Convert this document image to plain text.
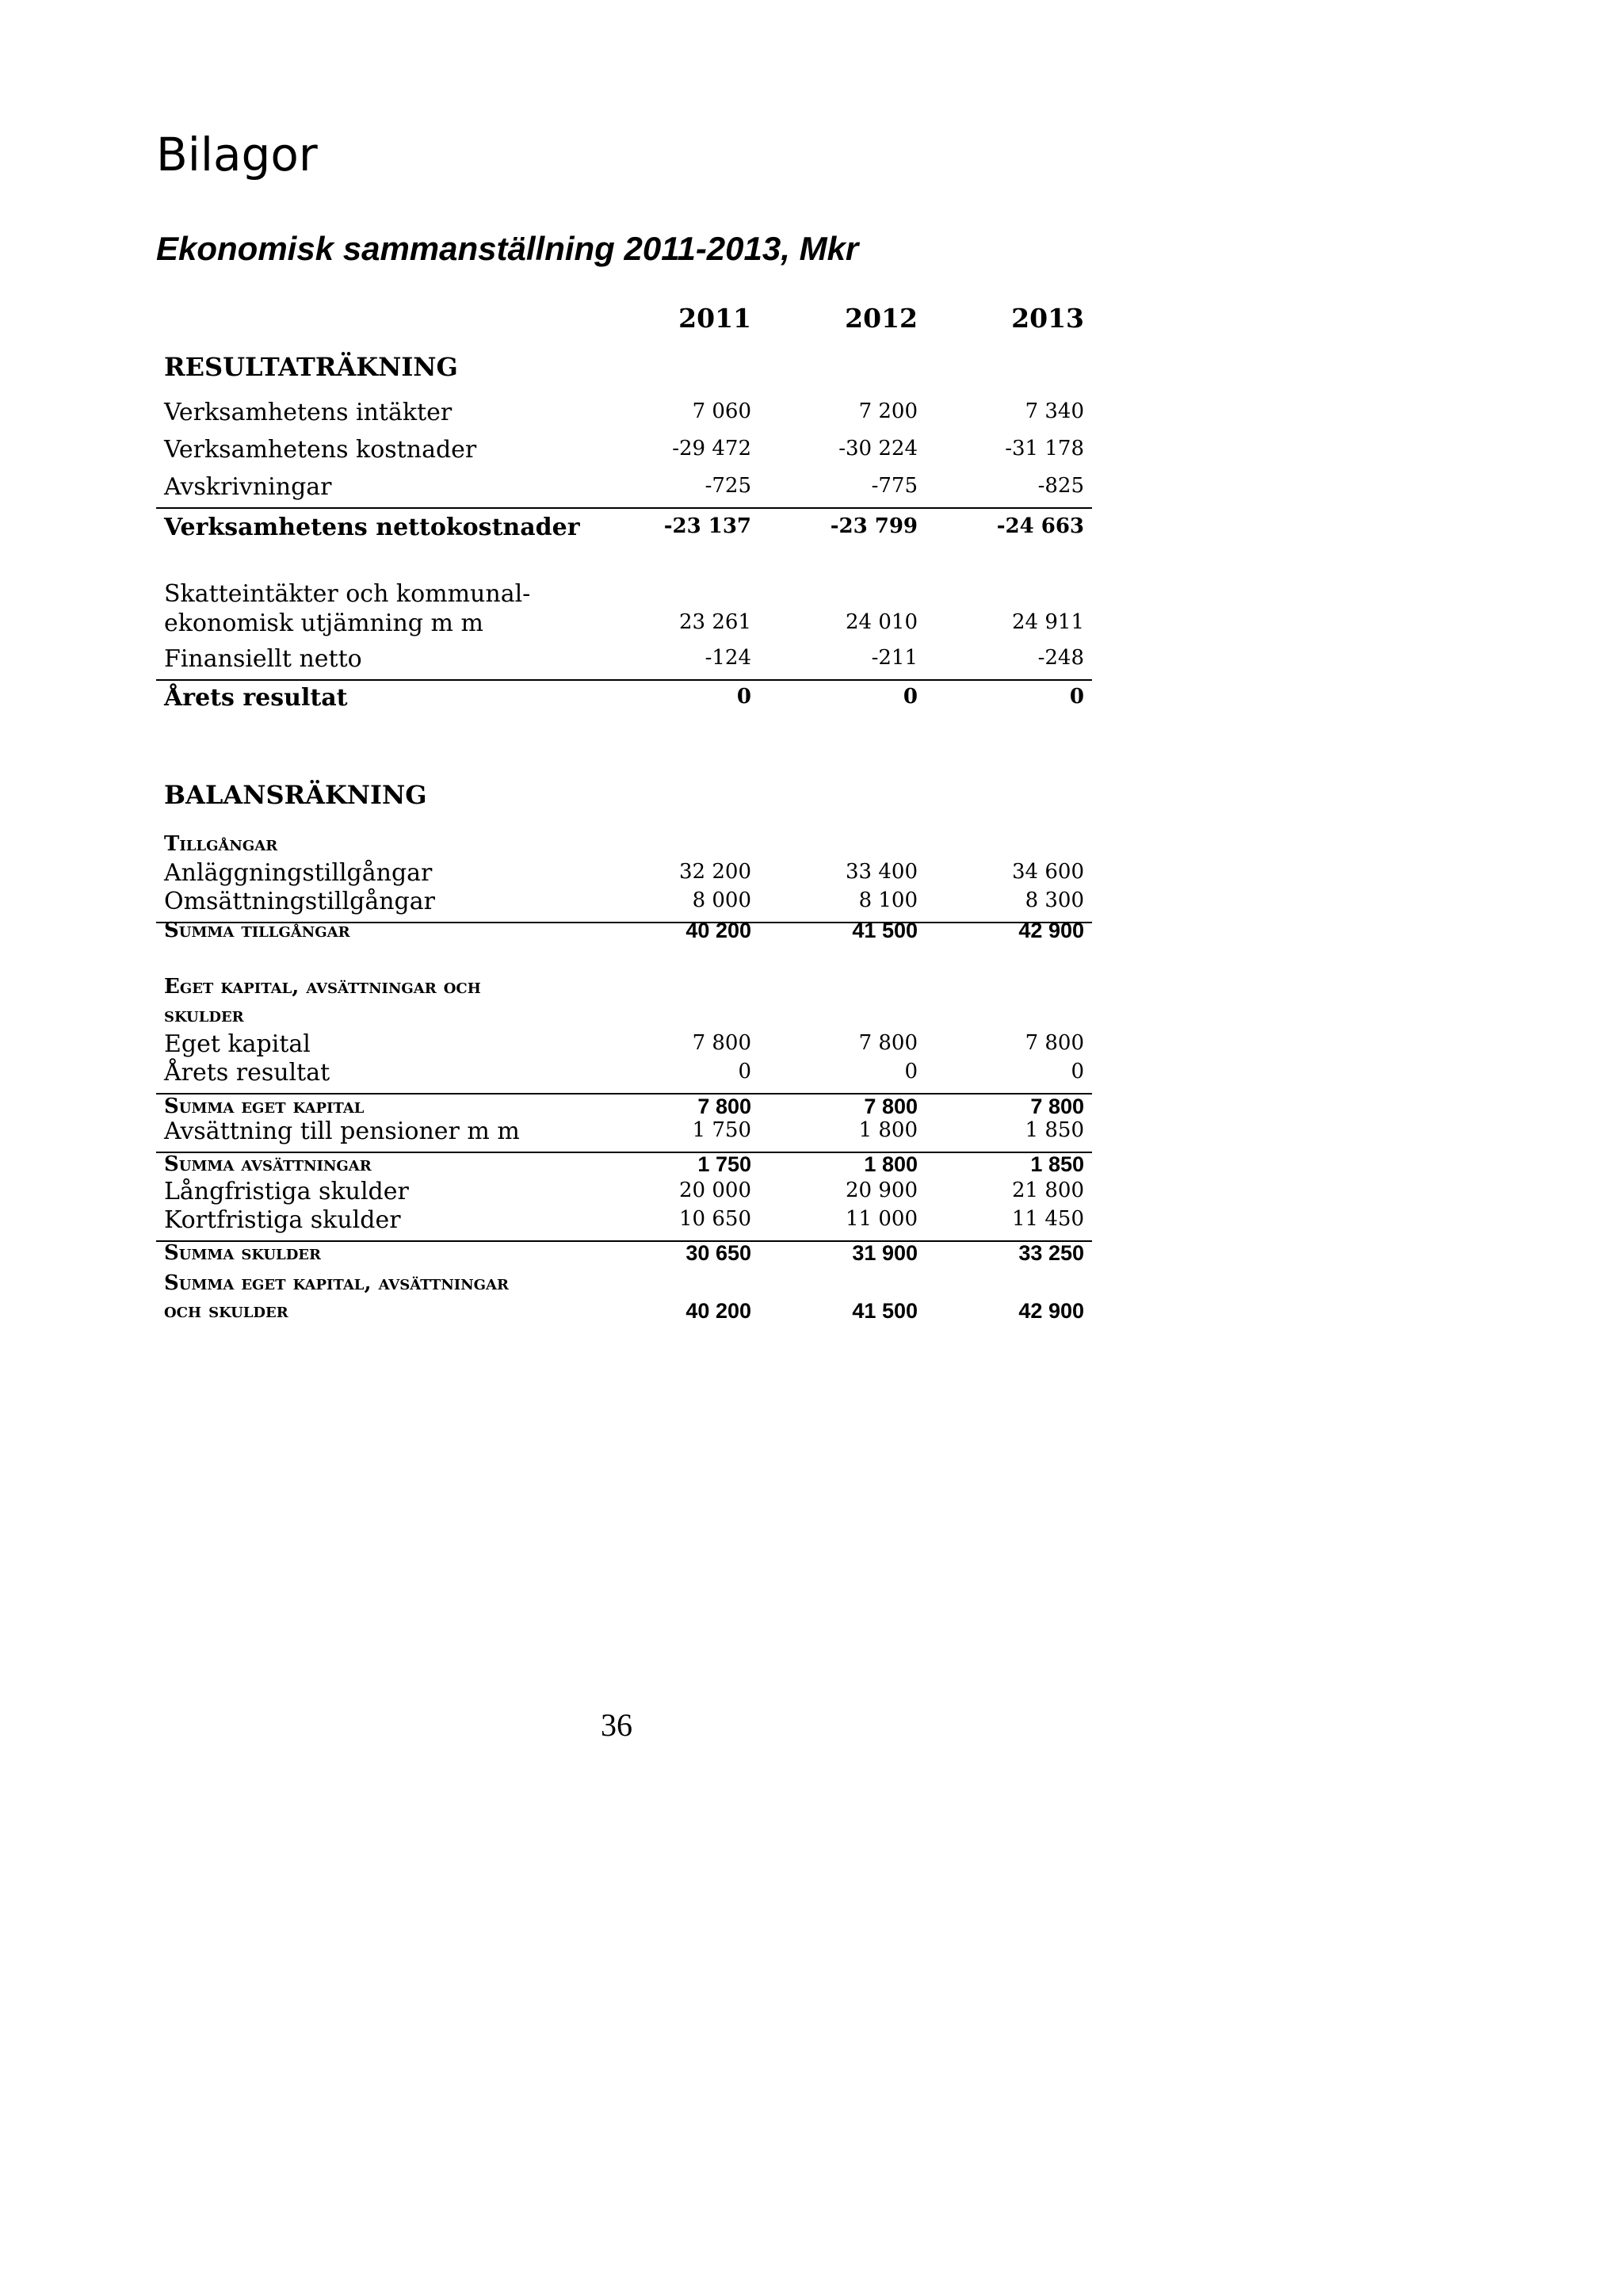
Bilagor
Ekonomisk sammanställning 2011-2013, Mkr
2011	2012	2013
RESULTATRÄKNING
Verksamhetens intäkter	7 060	7 200	7 340
Verksamhetens kostnader	-29 472	-30 224	-31 178
Avskrivningar	-725	-775	-825
Verksamhetens nettokostnader	-23 137	-23 799	-24 663
Skatteintäkter och kommunal-
ekonomisk utjämning m m	23 261	24 010	24 911
Finansiellt netto	-124	-211	-248
Årets resultat	0	0	0
BALANSRÄKNING
Tillgångar
Anläggningstillgångar	32 200	33 400	34 600
Omsättningstillgångar	8 000	8 100	8 300
Summa tillgångar	40 200	41 500	42 900
Eget kapital, avsättningar och
skulder
Eget kapital	7 800	7 800	7 800
Årets resultat	0	0	0
Summa eget kapital	7 800	7 800	7 800
Avsättning till pensioner m m	1 750	1 800	1 850
Summa avsättningar	1 750	1 800	1 850
Långfristiga skulder	20 000	20 900	21 800
Kortfristiga skulder	10 650	11 000	11 450
Summa skulder	30 650	31 900	33 250
Summa eget kapital, avsättningar
och skulder	40 200	41 500	42 900
36
